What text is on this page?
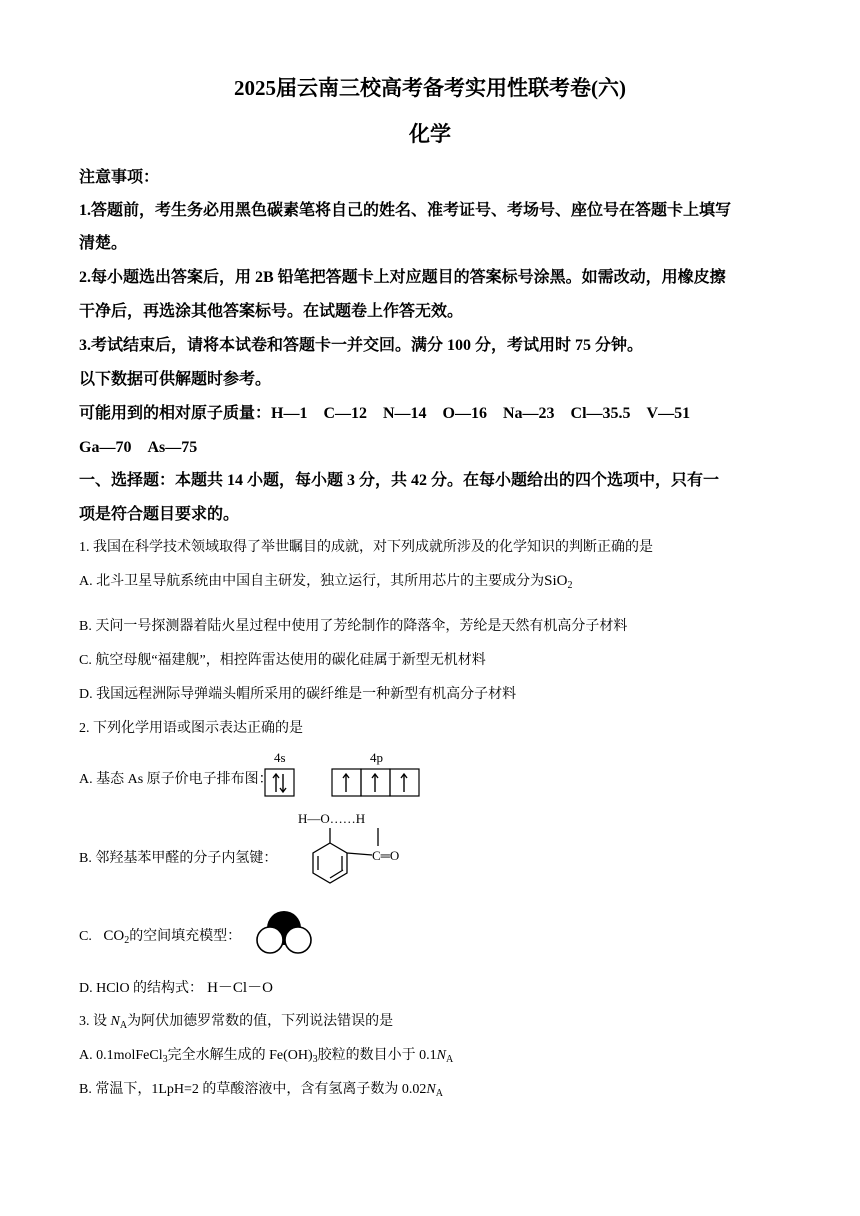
2025届云南三校高考备考实用性联考卷(六)
化学
注意事项：
1.答题前，考生务必用黑色碳素笔将自己的姓名、准考证号、考场号、座位号在答题卡上填写
清楚。
2.每小题选出答案后，用 2B 铅笔把答题卡上对应题目的答案标号涂黑。如需改动，用橡皮擦
干净后，再选涂其他答案标号。在试题卷上作答无效。
3.考试结束后，请将本试卷和答题卡一并交回。满分 100 分，考试用时 75 分钟。
以下数据可供解题时参考。
可能用到的相对原子质量：H—1　C—12　N—14　O—16　Na—23　Cl—35.5　V—51
Ga—70　As—75
一、选择题：本题共 14 小题，每小题 3 分，共 42 分。在每小题给出的四个选项中，只有一
项是符合题目要求的。
1. 我国在科学技术领域取得了举世瞩目的成就，对下列成就所涉及的化学知识的判断正确的是
A. 北斗卫星导航系统由中国自主研发，独立运行，其所用芯片的主要成分为SiO$_2$
B. 天问一号探测器着陆火星过程中使用了芳纶制作的降落伞，芳纶是天然有机高分子材料
C. 航空母舰“福建舰”，相控阵雷达使用的碳化硅属于新型无机材料
D. 我国远程洲际导弹端头帽所采用的碳纤维是一种新型有机高分子材料
2. 下列化学用语或图示表达正确的是
A. 基态 As 原子价电子排布图：
4s	4p
B. 邻羟基苯甲醛的分子内氢键：
H—O……H
C═O
C. $CO_2$的空间填充模型：
D. HClO 的结构式： H－Cl－O
3. 设 $N_A$为阿伏加德罗常数的值，下列说法错误的是
A. 0.1molFeCl$_3$完全水解生成的 $Fe(OH)_3$胶粒的数目小于 $0.1N_A$
B. 常温下，1LpH=2 的草酸溶液中，含有氢离子数为 $0.02N_A$
